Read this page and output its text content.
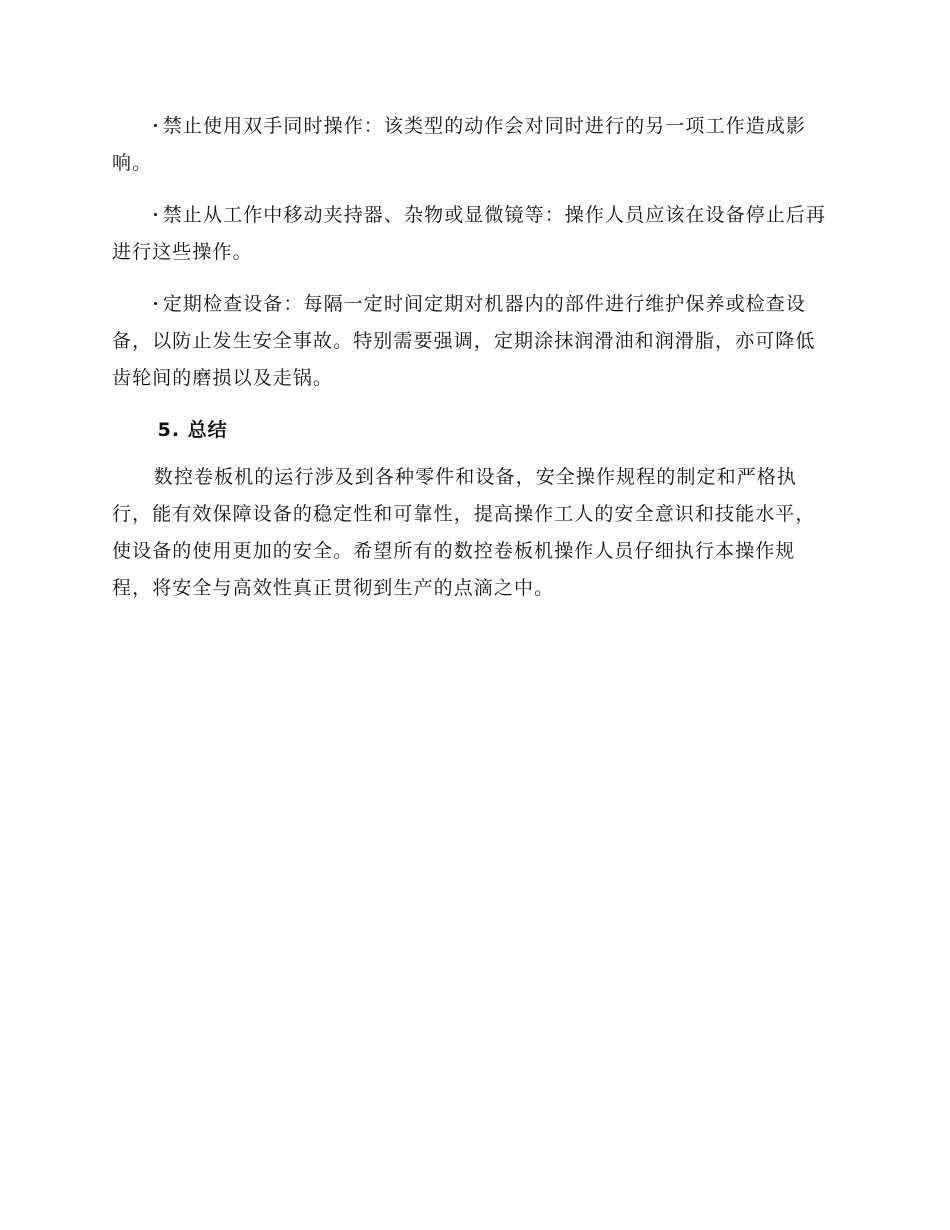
禁止使用双手同时操作：该类型的动作会对同时进行的另一项工作造成影响。

禁止从工作中移动夹持器、杂物或显微镜等：操作人员应该在设备停止后再进行这些操作。

定期检查设备：每隔一定时间定期对机器内的部件进行维护保养或检查设备，以防止发生安全事故。特别需要强调，定期涂抹润滑油和润滑脂，亦可降低齿轮间的磨损以及走锅。

5. 总结

数控卷板机的运行涉及到各种零件和设备，安全操作规程的制定和严格执行，能有效保障设备的稳定性和可靠性，提高操作工人的安全意识和技能水平，使设备的使用更加的安全。希望所有的数控卷板机操作人员仔细执行本操作规程，将安全与高效性真正贯彻到生产的点滴之中。
